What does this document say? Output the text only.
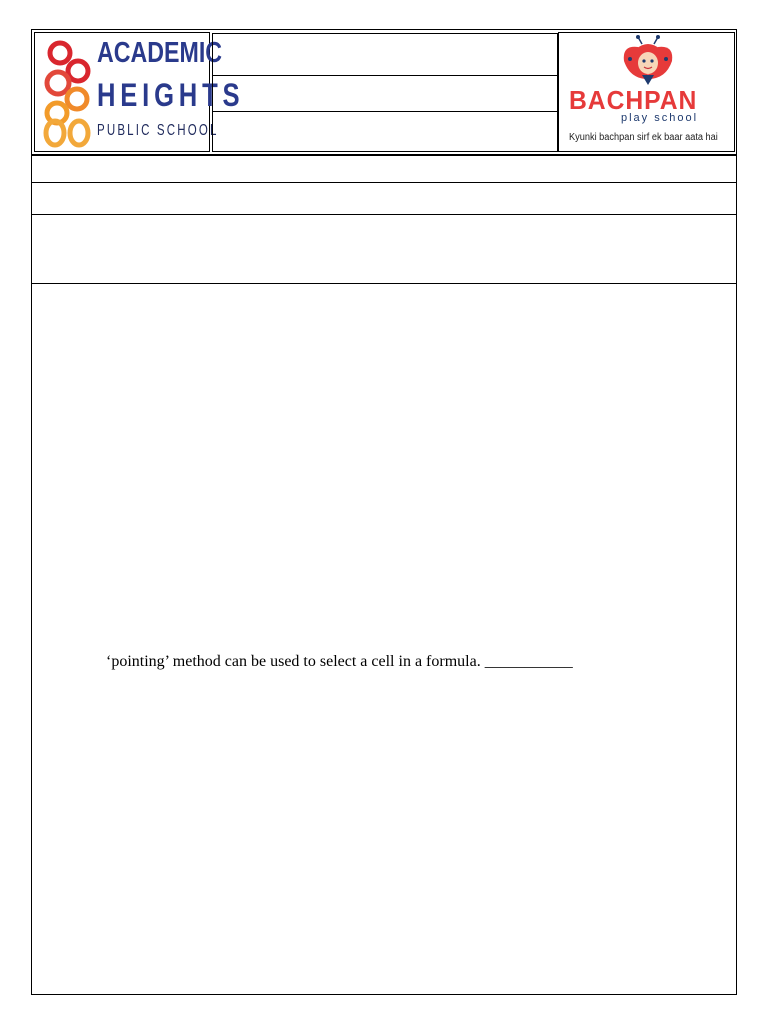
ACADEMIC
HEIGHTS
PUBLIC SCHOOL
BACHPAN
play school
Kyunki bachpan sirf ek baar aata hai
‘pointing’ method can be used to select a cell in a formula. ___________
